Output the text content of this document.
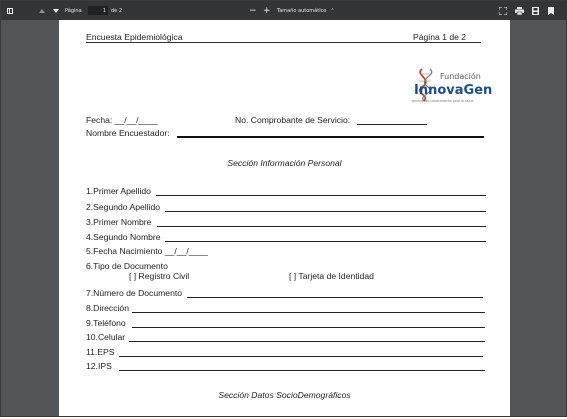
Página
1	de 2	− + Tamaño automático ⌃
Encuesta Epidemiológica	Página 1 de 2
Fundación
InnovaGen
generando conocimiento para la salud
Fecha: __/__/____	No. Comprobante de Servicio:
Nombre Encuestador:
Sección Información Personal
1.Primer Apellido
2.Segundo Apellido
3.Primer Nombre
4.Segundo Nombre
5.Fecha Nacimiento __/__/____
6.Tipo de Documento
[ ] Registro Civil	[ ] Tarjeta de Identidad
7.Número de Documento
8.Dirección
9.Teléfono
10.Celular
11.EPS
12.IPS
Sección Datos SocioDemográficos
